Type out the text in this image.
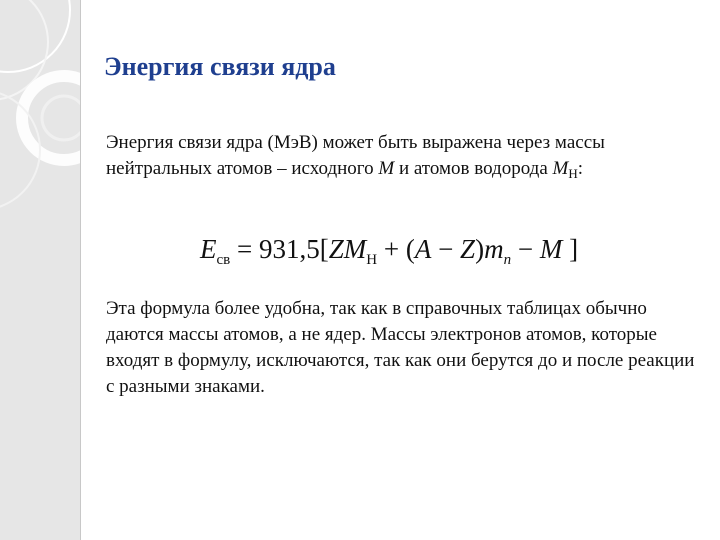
Энергия связи ядра
Энергия связи ядра (МэВ) может быть выражена через массы нейтральных атомов – исходного M и атомов водорода $M_H$:
$E_{св} = 931,5[ZM_H + (A - Z)m_n - M$ ]
Эта формула более удобна, так как в справочных таблицах обычно даются массы атомов, а не ядер. Массы электронов атомов, которые входят в формулу, исключаются, так как они берутся до и после реакции с разными знаками.
